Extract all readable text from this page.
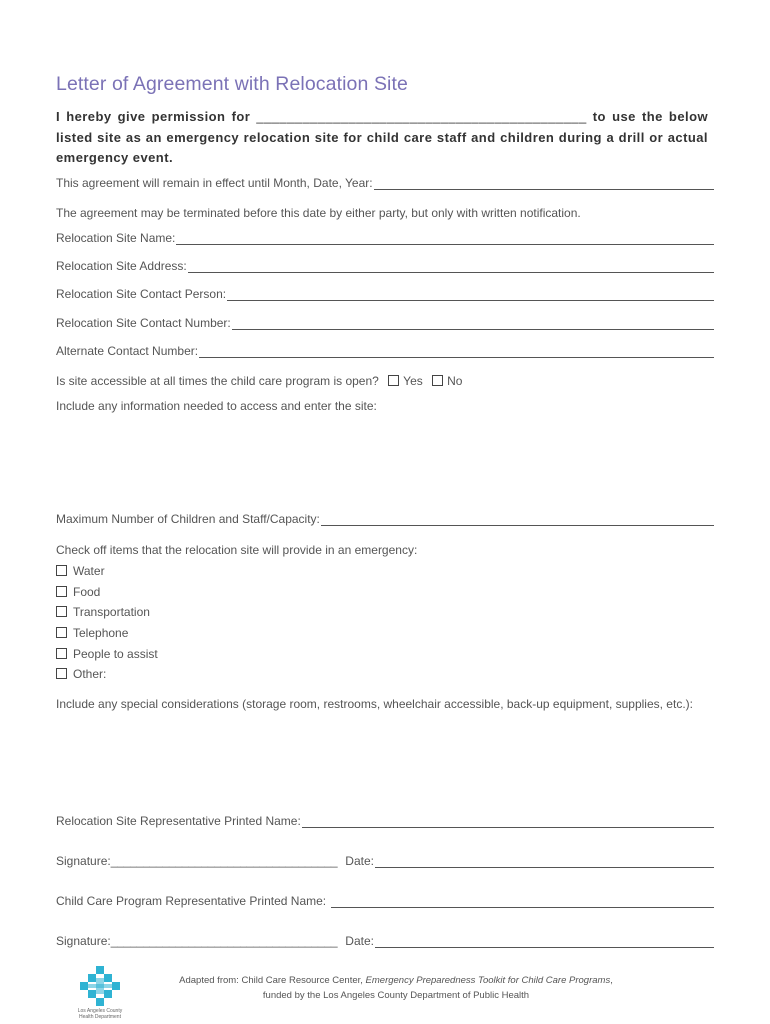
Letter of Agreement with Relocation Site
I hereby give permission for ___________________________________________ to use the below listed site as an emergency relocation site for child care staff and children during a drill or actual emergency event.
This agreement will remain in effect until Month, Date, Year:
The agreement may be terminated before this date by either party, but only with written notification.
Relocation Site Name:
Relocation Site Address:
Relocation Site Contact Person:
Relocation Site Contact Number:
Alternate Contact Number:
Is site accessible at all times the child care program is open? Yes No
Include any information needed to access and enter the site:
Maximum Number of Children and Staff/Capacity:
Check off items that the relocation site will provide in an emergency:
Water
Food
Transportation
Telephone
People to assist
Other:
Include any special considerations (storage room, restrooms, wheelchair accessible, back-up equipment, supplies, etc.):
Relocation Site Representative Printed Name:
Signature: ___________________________________ Date:
Child Care Program Representative Printed Name:
Signature: ___________________________________ Date:
Los Angeles County
Health Department
Adapted from: Child Care Resource Center, Emergency Preparedness Toolkit for Child Care Programs,
funded by the Los Angeles County Department of Public Health
